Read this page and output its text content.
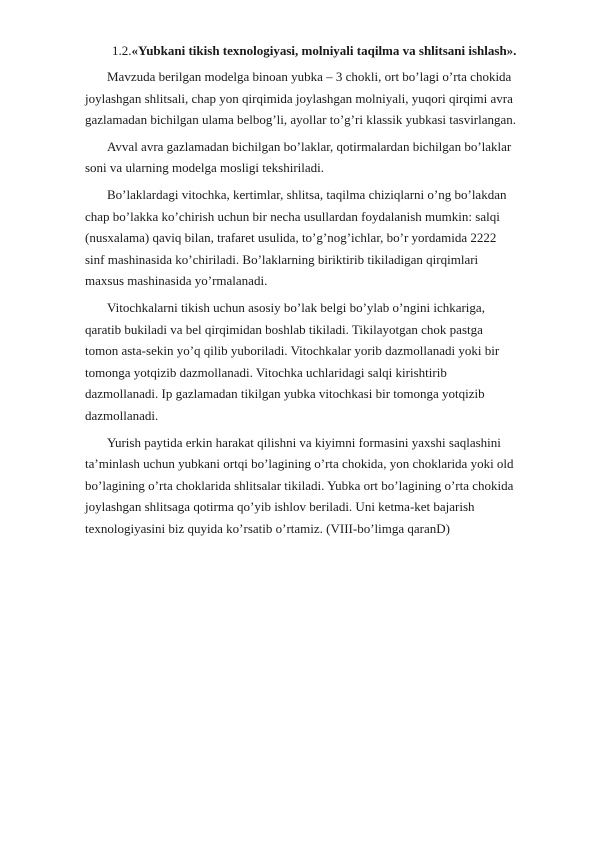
1.2.«Yubkani tikish texnologiyasi, molniyali taqilma va shlitsani ishlash».
Mavzuda berilgan modelga binoan yubka – 3 chokli, ort bo’lagi o’rta chokida
joylashgan shlitsali, chap yon qirqimida joylashgan molniyali, yuqori qirqimi avra
gazlamadan bichilgan ulama belbog’li, ayollar to’g’ri klassik yubkasi tasvirlangan.
Avval avra gazlamadan bichilgan bo’laklar, qotirmalardan bichilgan bo’laklar
soni va ularning modelga mosligi tekshiriladi.
Bo’laklardagi vitochka, kertimlar, shlitsa, taqilma chiziqlarni o’ng bo’lakdan
chap bo’lakka ko’chirish uchun bir necha usullardan foydalanish mumkin: salqi
(nusxalama) qaviq bilan, trafaret usulida, to’g’nog’ichlar, bo’r yordamida 2222
sinf mashinasida ko’chiriladi. Bo’laklarning biriktirib tikiladigan qirqimlari
maxsus mashinasida yo’rmalanadi.
Vitochkalarni tikish uchun asosiy bo’lak belgi bo’ylab o’ngini ichkariga,
qaratib bukiladi va bel qirqimidan boshlab tikiladi. Tikilayotgan chok pastga
tomon asta-sekin yo’q qilib yuboriladi. Vitochkalar yorib dazmollanadi yoki bir
tomonga yotqizib dazmollanadi. Vitochka uchlaridagi salqi kirishtirib
dazmollanadi. Ip gazlamadan tikilgan yubka vitochkasi bir tomonga yotqizib
dazmollanadi.
Yurish paytida erkin harakat qilishni va kiyimni formasini yaxshi saqlashini
ta’minlash uchun yubkani ortqi bo’lagining o’rta chokida, yon choklarida yoki old
bo’lagining o’rta choklarida shlitsalar tikiladi. Yubka ort bo’lagining o’rta chokida
joylashgan shlitsaga qotirma qo’yib ishlov beriladi. Uni ketma-ket bajarish
texnologiyasini biz quyida ko’rsatib o’rtamiz. (VIII-bo’limga qaranD)
